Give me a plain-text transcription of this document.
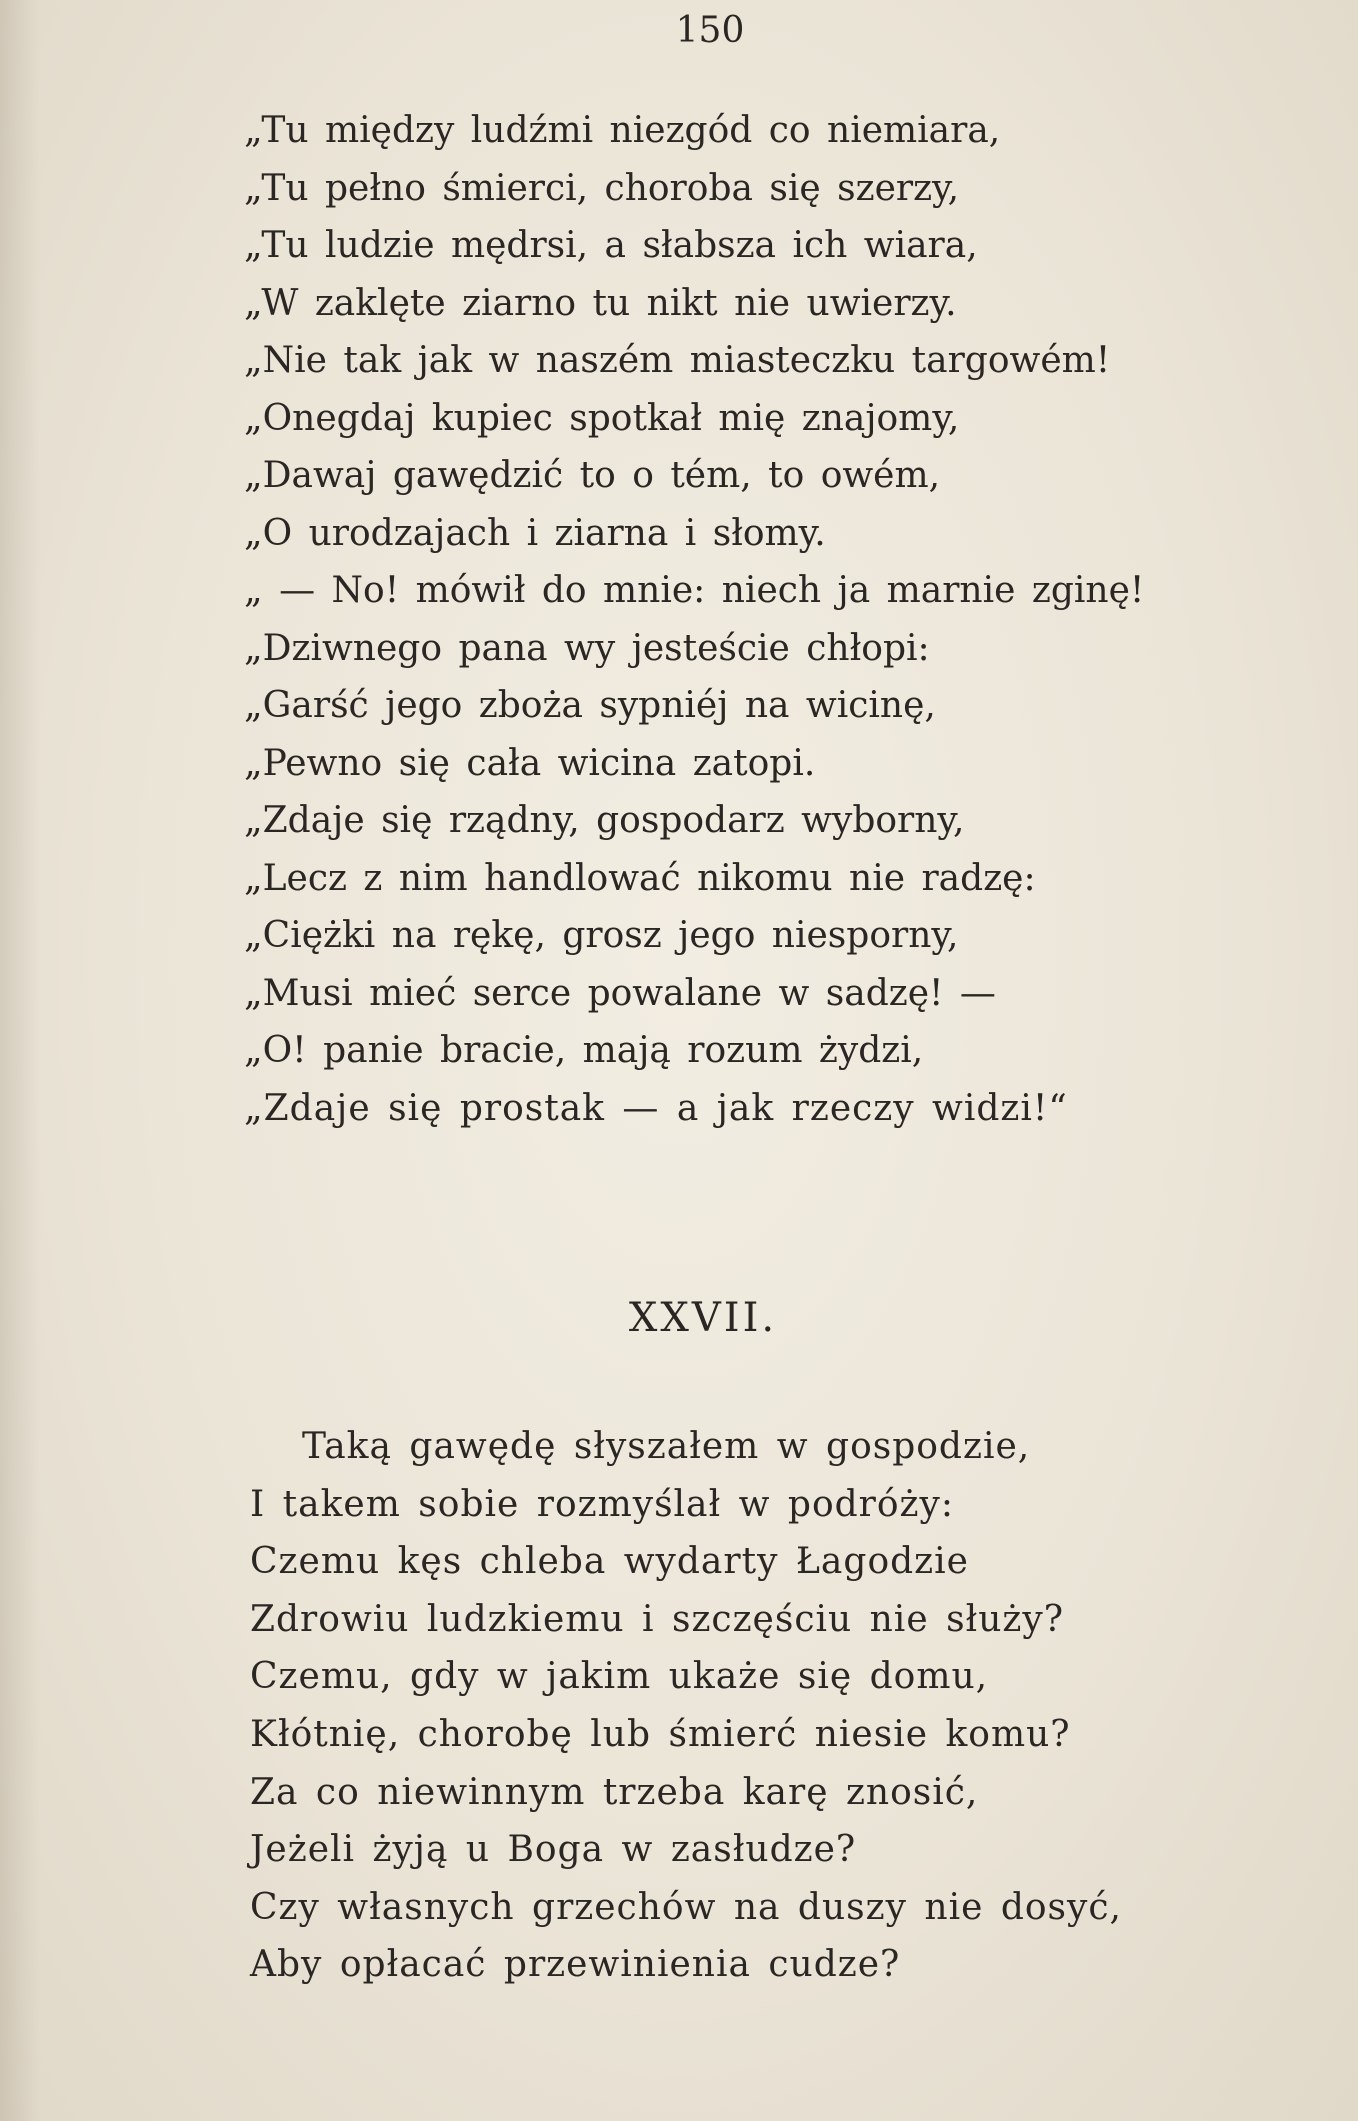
150
„Tu między ludźmi niezgód co niemiara,
„Tu pełno śmierci, choroba się szerzy,
„Tu ludzie mędrsi, a słabsza ich wiara,
„W zaklęte ziarno tu nikt nie uwierzy.
„Nie tak jak w naszém miasteczku targowém!
„Onegdaj kupiec spotkał mię znajomy,
„Dawaj gawędzić to o tém, to owém,
„O urodzajach i ziarna i słomy.
„ — No! mówił do mnie: niech ja marnie zginę!
„Dziwnego pana wy jesteście chłopi:
„Garść jego zboża sypniéj na wicinę,
„Pewno się cała wicina zatopi.
„Zdaje się rządny, gospodarz wyborny,
„Lecz z nim handlować nikomu nie radzę:
„Ciężki na rękę, grosz jego niesporny,
„Musi mieć serce powalane w sadzę! —
„O! panie bracie, mają rozum żydzi,
„Zdaje się prostak — a jak rzeczy widzi!“
XXVII.
Taką gawędę słyszałem w gospodzie,
I takem sobie rozmyślał w podróży:
Czemu kęs chleba wydarty Łagodzie
Zdrowiu ludzkiemu i szczęściu nie służy?
Czemu, gdy w jakim ukaże się domu,
Kłótnię, chorobę lub śmierć niesie komu?
Za co niewinnym trzeba karę znosić,
Jeżeli żyją u Boga w zasłudze?
Czy własnych grzechów na duszy nie dosyć,
Aby opłacać przewinienia cudze?
